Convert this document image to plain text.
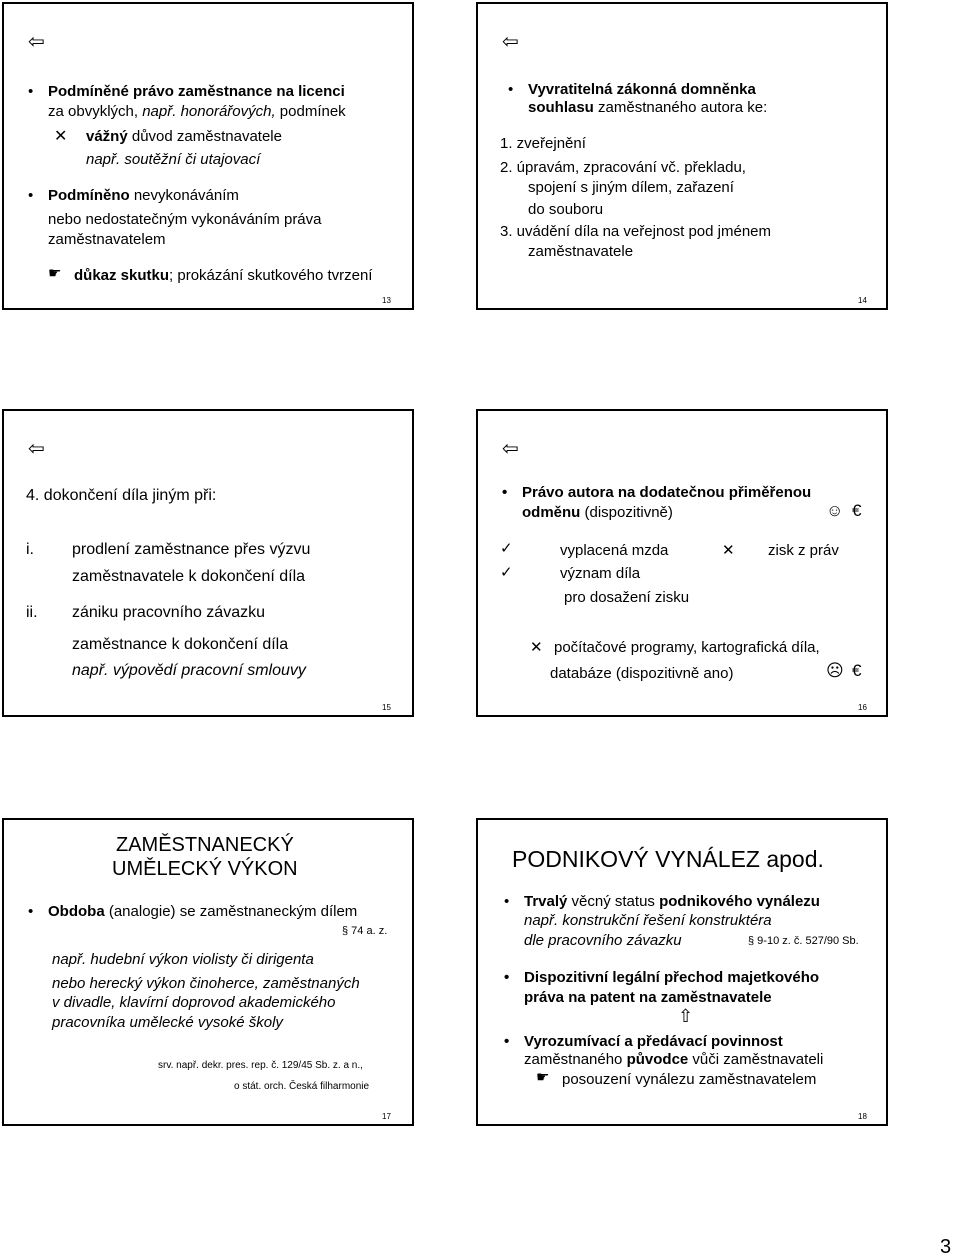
⇦
• Podmíněné právo zaměstnance na licenci
za obvyklých, např. honorářových, podmínek
✕ vážný důvod zaměstnavatele
např. soutěžní či utajovací
• Podmíněno nevykonáváním
nebo nedostatečným vykonáváním práva
zaměstnavatelem
☛ důkaz skutku; prokázání skutkového tvrzení
13
⇦
• Vyvratitelná zákonná domněnka
souhlasu zaměstnaného autora ke:
1. zveřejnění
2. úpravám, zpracování vč. překladu,
spojení s jiným dílem, zařazení
do souboru
3. uvádění díla na veřejnost pod jménem
zaměstnavatele
14
⇦
4. dokončení díla jiným při:
i. prodlení zaměstnance přes výzvu
zaměstnavatele k dokončení díla
ii. zániku pracovního závazku
zaměstnance k dokončení díla
např. výpovědí pracovní smlouvy
15
⇦
• Právo autora na dodatečnou přiměřenou
odměnu (dispozitivně)	☺ €
✓	vyplacená mzda	✕ zisk z práv
✓	význam díla
pro dosažení zisku
✕ počítačové programy, kartografická díla,
databáze (dispozitivně ano)	☹ €
16
ZAMĚSTNANECKÝ
UMĚLECKÝ VÝKON
• Obdoba (analogie) se zaměstnaneckým dílem
§ 74 a. z.
např. hudební výkon violisty či dirigenta
nebo herecký výkon činoherce, zaměstnaných
v divadle, klavírní doprovod akademického
pracovníka umělecké vysoké školy
srv. např. dekr. pres. rep. č. 129/45 Sb. z. a n.,
o stát. orch. Česká filharmonie
17
PODNIKOVÝ VYNÁLEZ apod.
• Trvalý věcný status podnikového vynálezu
např. konstrukční řešení konstruktéra
dle pracovního závazku	§ 9-10 z. č. 527/90 Sb.
• Dispozitivní legální přechod majetkového
práva na patent na zaměstnavatele
⇧
• Vyrozumívací a předávací povinnost
zaměstnaného původce vůči zaměstnavateli
☛ posouzení vynálezu zaměstnavatelem
18
3
